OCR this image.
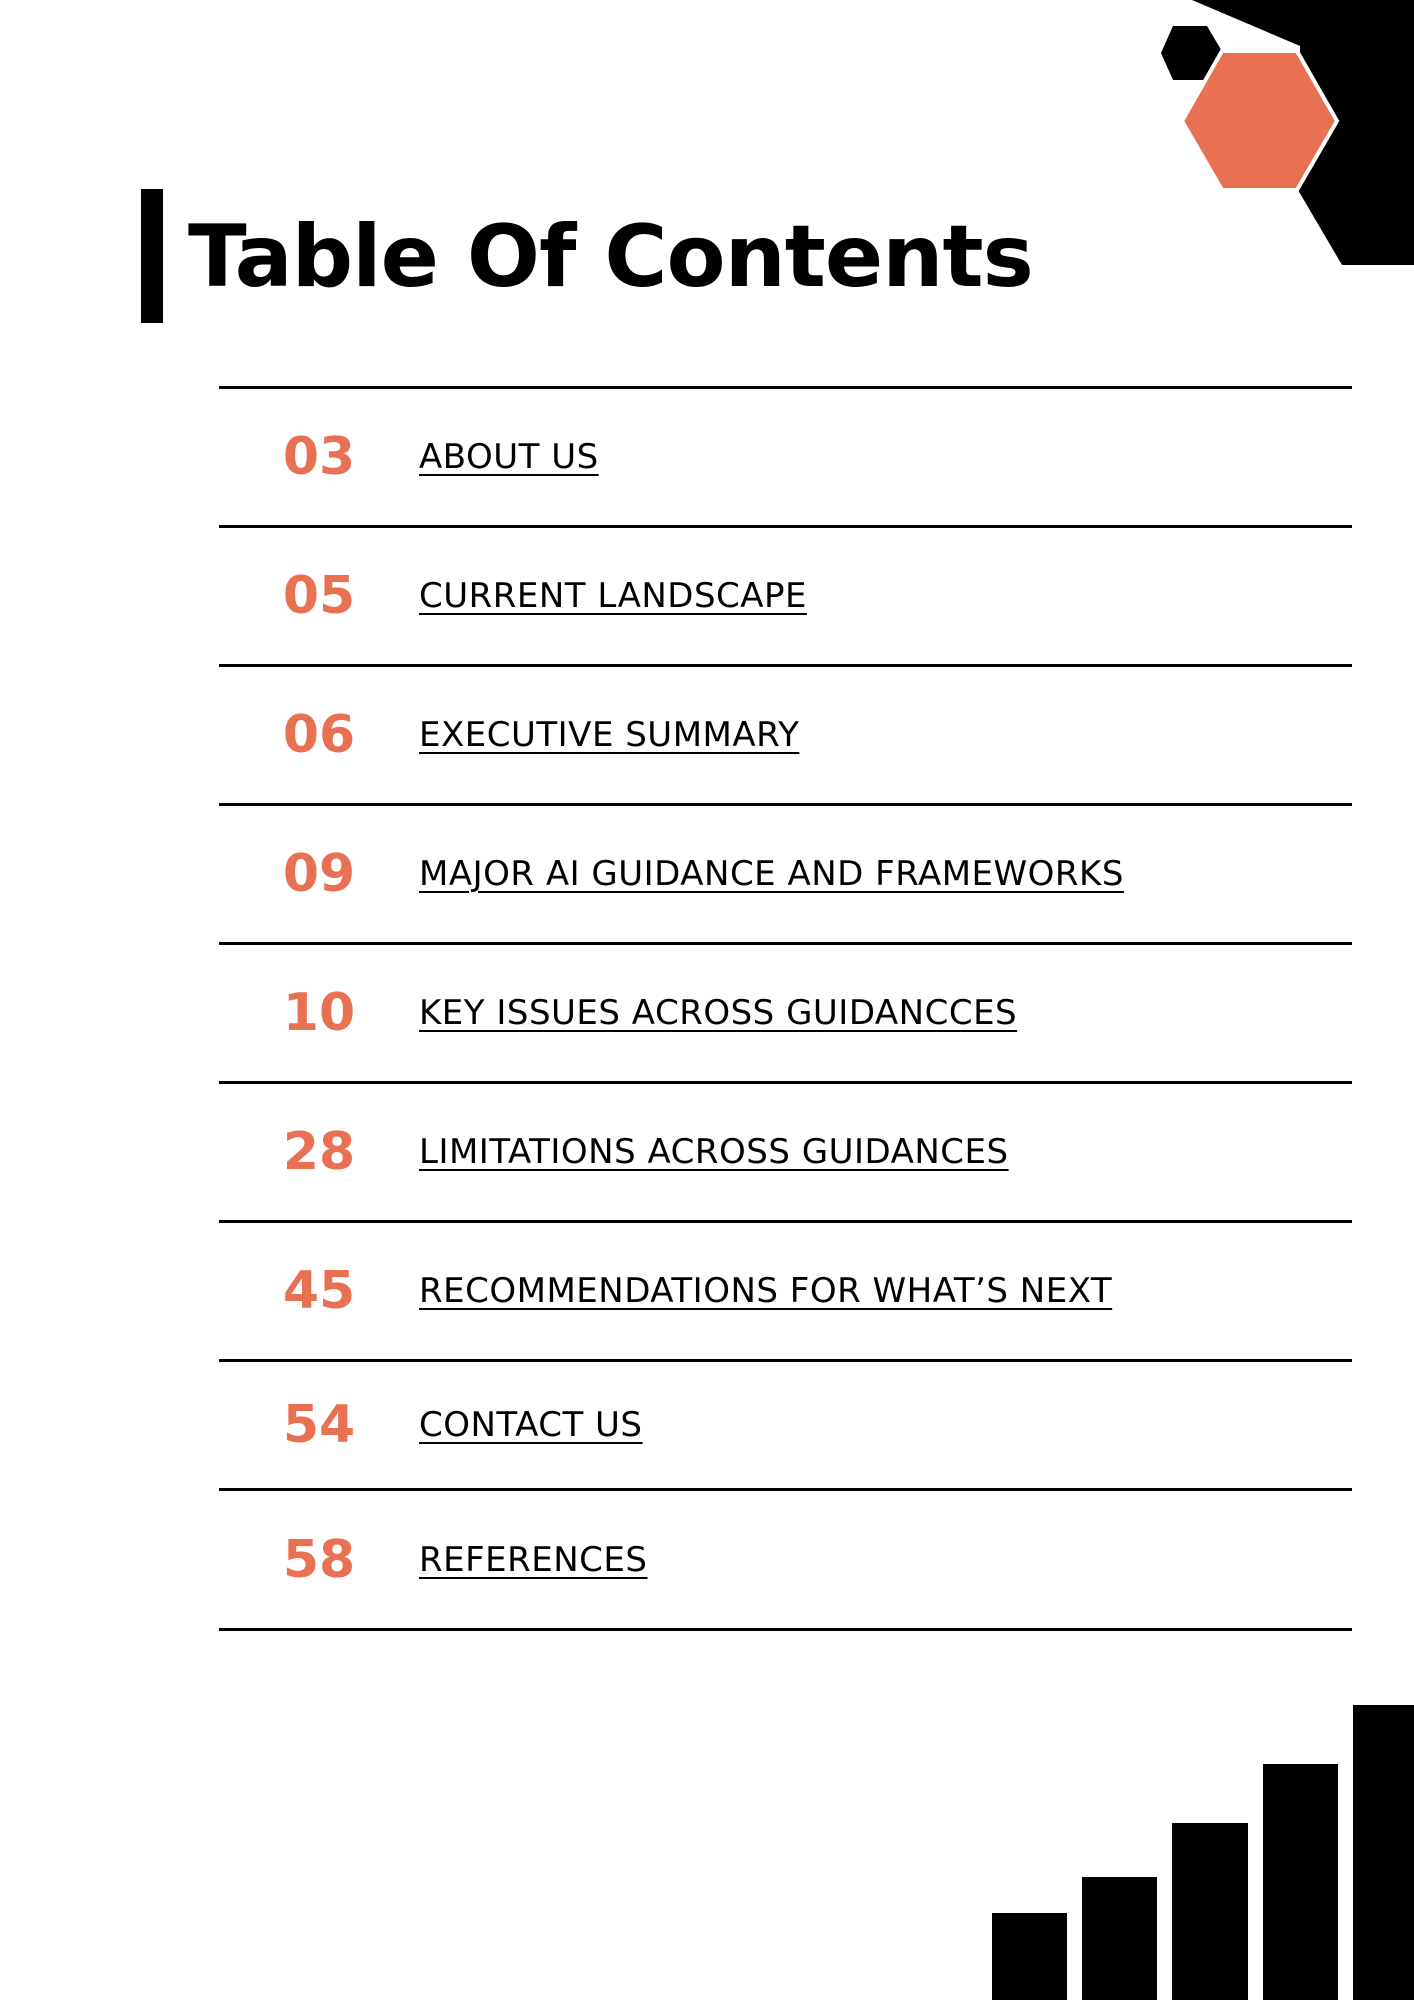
Table Of Contents
03	ABOUT US
05	CURRENT LANDSCAPE
06	EXECUTIVE SUMMARY
09	MAJOR AI GUIDANCE AND FRAMEWORKS
10	KEY ISSUES ACROSS GUIDANCCES
28	LIMITATIONS ACROSS GUIDANCES
45	RECOMMENDATIONS FOR WHAT’S NEXT
54	CONTACT US
58	REFERENCES
